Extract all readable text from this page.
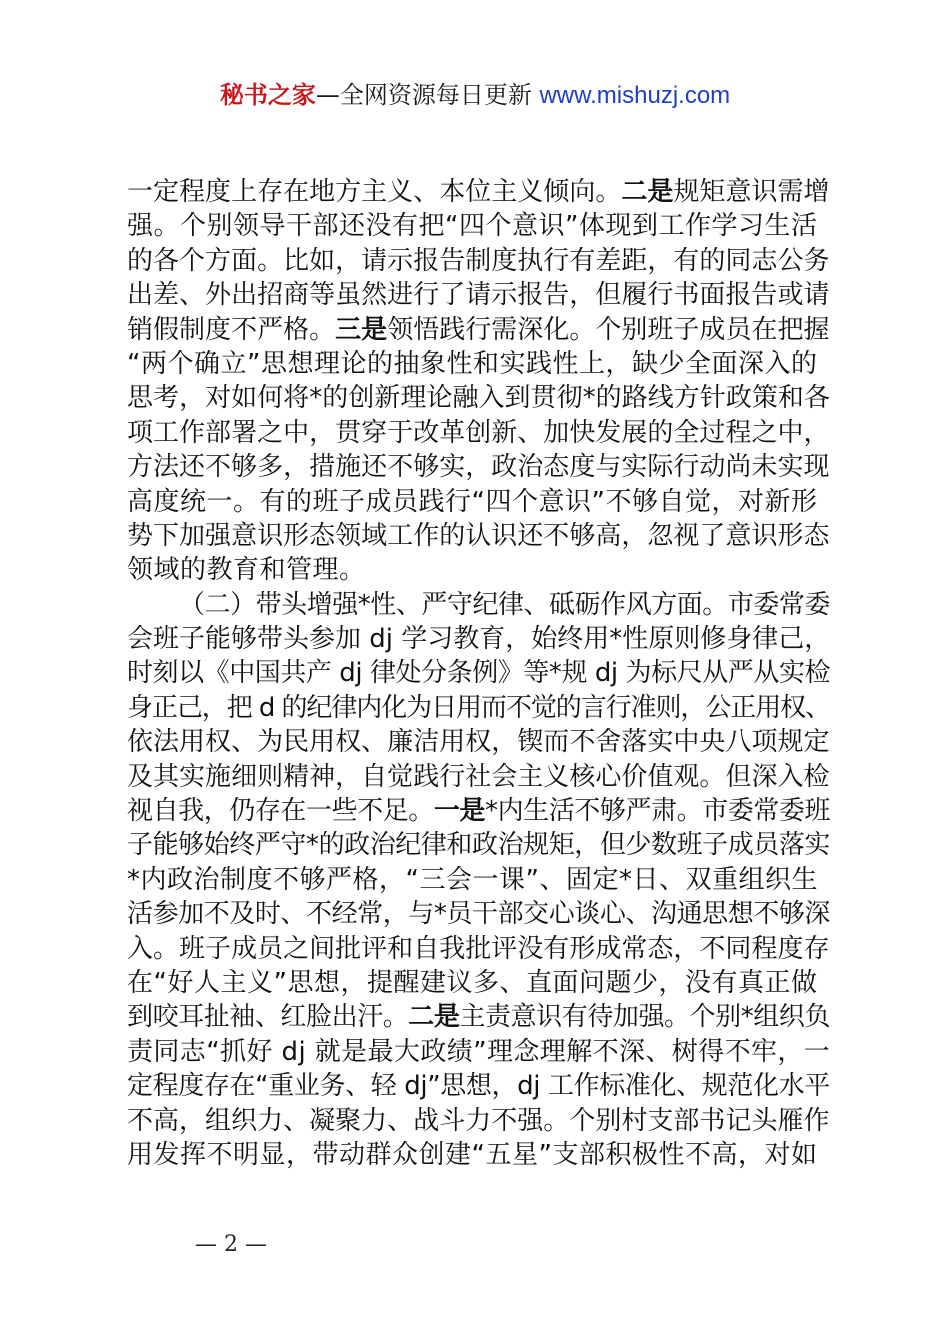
秘书之家—全网资源每日更新 www.mishuzj.com
一定程度上存在地方主义、本位主义倾向。二是规矩意识需增
强。个别领导干部还没有把“四个意识”体现到工作学习生活
的各个方面。比如，请示报告制度执行有差距，有的同志公务
出差、外出招商等虽然进行了请示报告，但履行书面报告或请
销假制度不严格。三是领悟践行需深化。个别班子成员在把握
“两个确立”思想理论的抽象性和实践性上，缺少全面深入的
思考，对如何将*的创新理论融入到贯彻*的路线方针政策和各
项工作部署之中，贯穿于改革创新、加快发展的全过程之中，
方法还不够多，措施还不够实，政治态度与实际行动尚未实现
高度统一。有的班子成员践行“四个意识”不够自觉，对新形
势下加强意识形态领域工作的认识还不够高，忽视了意识形态
领域的教育和管理。
（二）带头增强*性、严守纪律、砥砺作风方面。市委常委
会班子能够带头参加 dj 学习教育，始终用*性原则修身律己，
时刻以《中国共产 dj 律处分条例》等*规 dj 为标尺从严从实检
身正己，把 d 的纪律内化为日用而不觉的言行准则，公正用权、
依法用权、为民用权、廉洁用权，锲而不舍落实中央八项规定
及其实施细则精神，自觉践行社会主义核心价值观。但深入检
视自我，仍存在一些不足。一是*内生活不够严肃。市委常委班
子能够始终严守*的政治纪律和政治规矩，但少数班子成员落实
*内政治制度不够严格，“三会一课”、固定*日、双重组织生
活参加不及时、不经常，与*员干部交心谈心、沟通思想不够深
入。班子成员之间批评和自我批评没有形成常态，不同程度存
在“好人主义”思想，提醒建议多、直面问题少，没有真正做
到咬耳扯袖、红脸出汗。二是主责意识有待加强。个别*组织负
责同志“抓好 dj 就是最大政绩”理念理解不深、树得不牢，一
定程度存在“重业务、轻 dj”思想，dj 工作标准化、规范化水平
不高，组织力、凝聚力、战斗力不强。个别村支部书记头雁作
用发挥不明显，带动群众创建“五星”支部积极性不高，对如
— 2 —
